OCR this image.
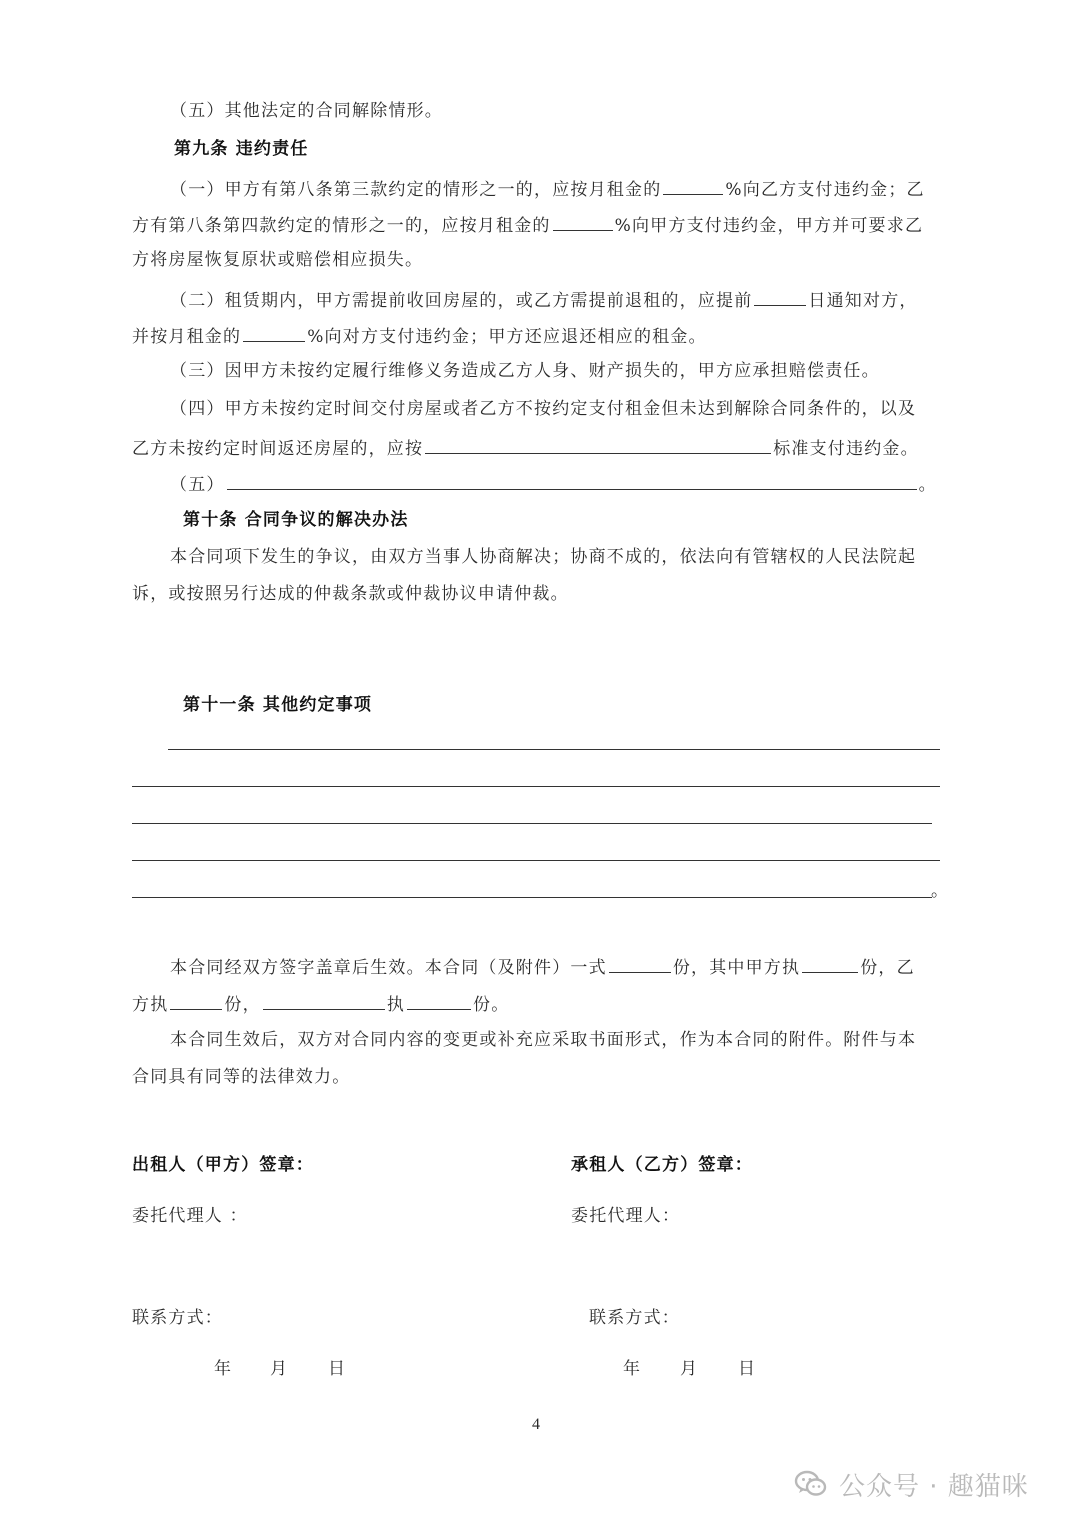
（五）其他法定的合同解除情形。
第九条 违约责任
（一）甲方有第八条第三款约定的情形之一的，应按月租金的	%向乙方支付违约金；乙
方有第八条第四款约定的情形之一的，应按月租金的	%向甲方支付违约金，甲方并可要求乙
方将房屋恢复原状或赔偿相应损失。
（二）租赁期内，甲方需提前收回房屋的，或乙方需提前退租的，应提前	日通知对方，
并按月租金的	%向对方支付违约金；甲方还应退还相应的租金。
（三）因甲方未按约定履行维修义务造成乙方人身、财产损失的，甲方应承担赔偿责任。
（四）甲方未按约定时间交付房屋或者乙方不按约定支付租金但未达到解除合同条件的，以及
乙方未按约定时间返还房屋的，应按	标准支付违约金。
（五）	。
第十条 合同争议的解决办法
本合同项下发生的争议，由双方当事人协商解决；协商不成的，依法向有管辖权的人民法院起
诉，或按照另行达成的仲裁条款或仲裁协议申请仲裁。
第十一条 其他约定事项
。
本合同经双方签字盖章后生效。本合同（及附件）一式	份，其中甲方执	份，乙
方执	份，	执	份。
本合同生效后，双方对合同内容的变更或补充应采取书面形式，作为本合同的附件。附件与本
合同具有同等的法律效力。
出租人（甲方）签章：	承租人（乙方）签章：
委托代理人 ：	委托代理人：
联系方式：	联系方式：
年 月 日	年 月 日
4
公众号 · 趣猫咪
